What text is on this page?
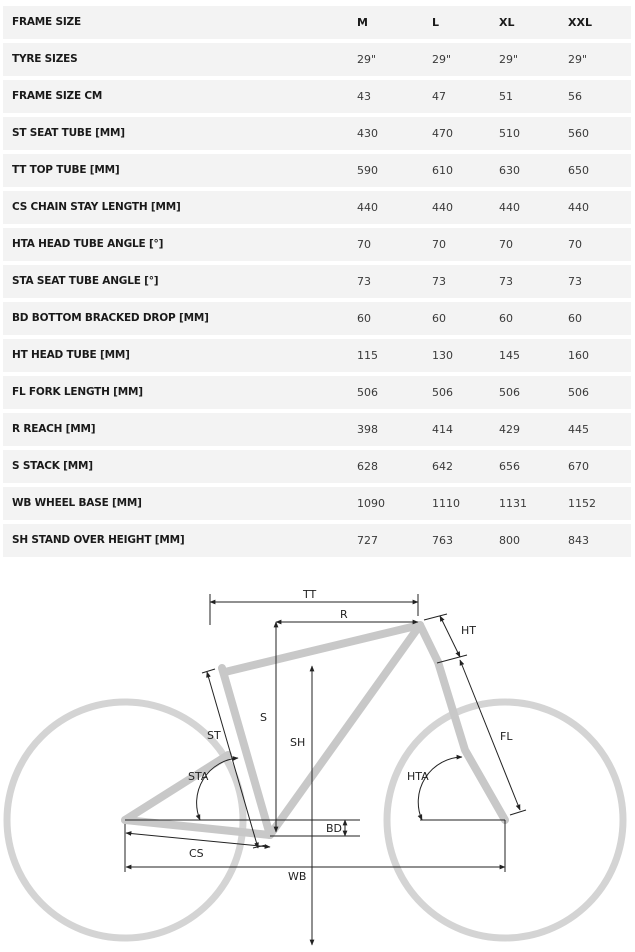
FRAME SIZE	M	L	XL	XXL
TYRE SIZES	29"	29"	29"	29"
FRAME SIZE CM	43	47	51	56
ST SEAT TUBE [MM]	430	470	510	560
TT TOP TUBE [MM]	590	610	630	650
CS CHAIN STAY LENGTH [MM]	440	440	440	440
HTA HEAD TUBE ANGLE [°]	70	70	70	70
STA SEAT TUBE ANGLE [°]	73	73	73	73
BD BOTTOM BRACKED DROP [MM]	60	60	60	60
HT HEAD TUBE [MM]	115	130	145	160
FL FORK LENGTH [MM]	506	506	506	506
R REACH [MM]	398	414	429	445
S STACK [MM]	628	642	656	670
WB WHEEL BASE [MM]	1090	1110	1131	1152
SH STAND OVER HEIGHT [MM]	727	763	800	843
TT
R
HT
S
SH
ST
STA	HTA
FL
BD
CS
WB
